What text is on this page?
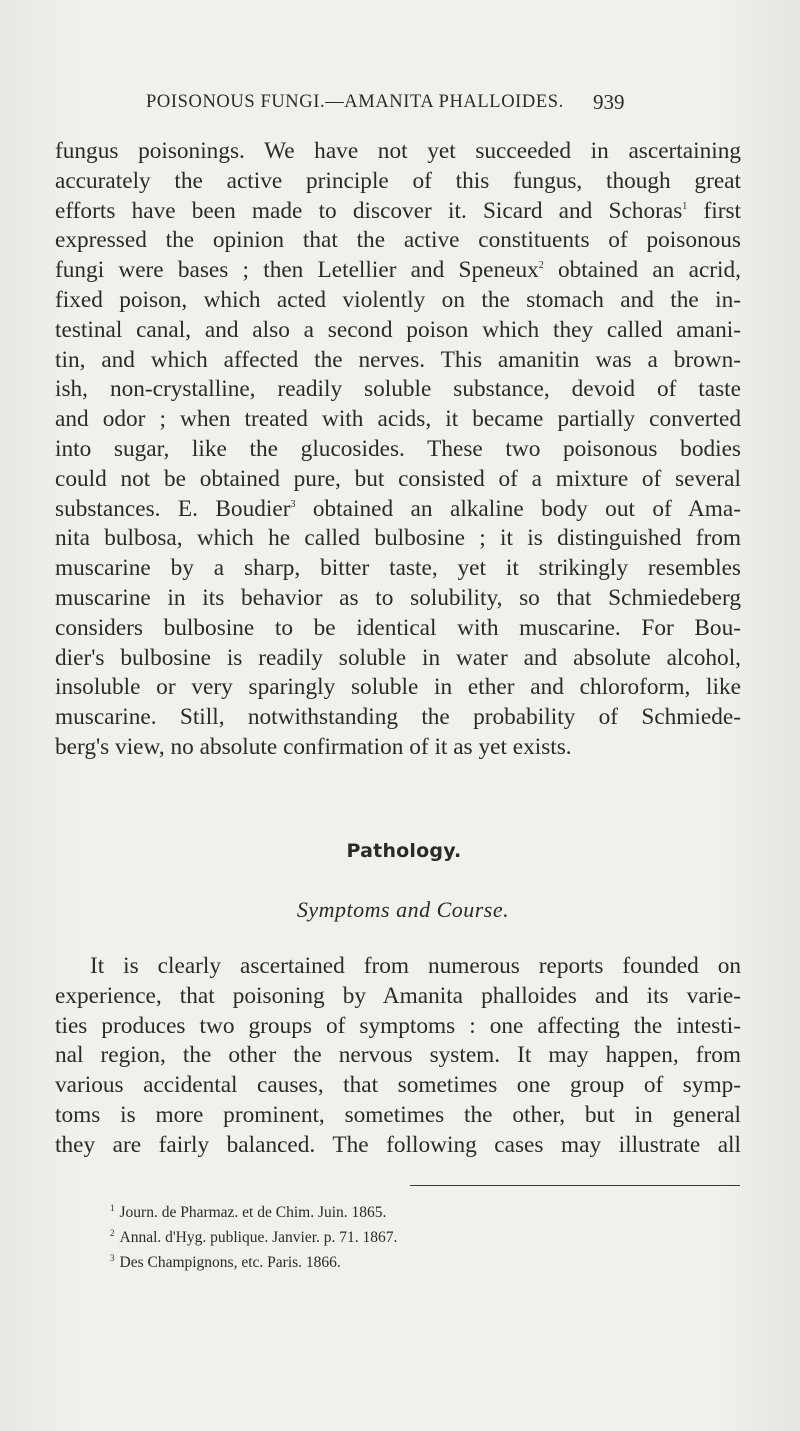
POISONOUS FUNGI.—AMANITA PHALLOIDES. 939

fungus poisonings. We have not yet succeeded in ascertaining
accurately the active principle of this fungus, though great
efforts have been made to discover it. Sicard and Schoras$^1$ first
expressed the opinion that the active constituents of poisonous
fungi were bases ; then Letellier and Speneux$^2$ obtained an acrid,
fixed poison, which acted violently on the stomach and the in-
testinal canal, and also a second poison which they called amani-
tin, and which affected the nerves. This amanitin was a brown-
ish, non-crystalline, readily soluble substance, devoid of taste
and odor ; when treated with acids, it became partially converted
into sugar, like the glucosides. These two poisonous bodies
could not be obtained pure, but consisted of a mixture of several
substances. E. Boudier$^3$ obtained an alkaline body out of Ama-
nita bulbosa, which he called bulbosine ; it is distinguished from
muscarine by a sharp, bitter taste, yet it strikingly resembles
muscarine in its behavior as to solubility, so that Schmiedeberg
considers bulbosine to be identical with muscarine. For Bou-
dier's bulbosine is readily soluble in water and absolute alcohol,
insoluble or very sparingly soluble in ether and chloroform, like
muscarine. Still, notwithstanding the probability of Schmiede-
berg's view, no absolute confirmation of it as yet exists.

Pathology.
Symptoms and Course.

It is clearly ascertained from numerous reports founded on
experience, that poisoning by Amanita phalloides and its varie-
ties produces two groups of symptoms : one affecting the intesti-
nal region, the other the nervous system. It may happen, from
various accidental causes, that sometimes one group of symp-
toms is more prominent, sometimes the other, but in general
they are fairly balanced. The following cases may illustrate all

$^1$ Journ. de Pharmaz. et de Chim. Juin. 1865.
$^2$ Annal. d'Hyg. publique. Janvier. p. 71. 1867.
$^3$ Des Champignons, etc. Paris. 1866.
